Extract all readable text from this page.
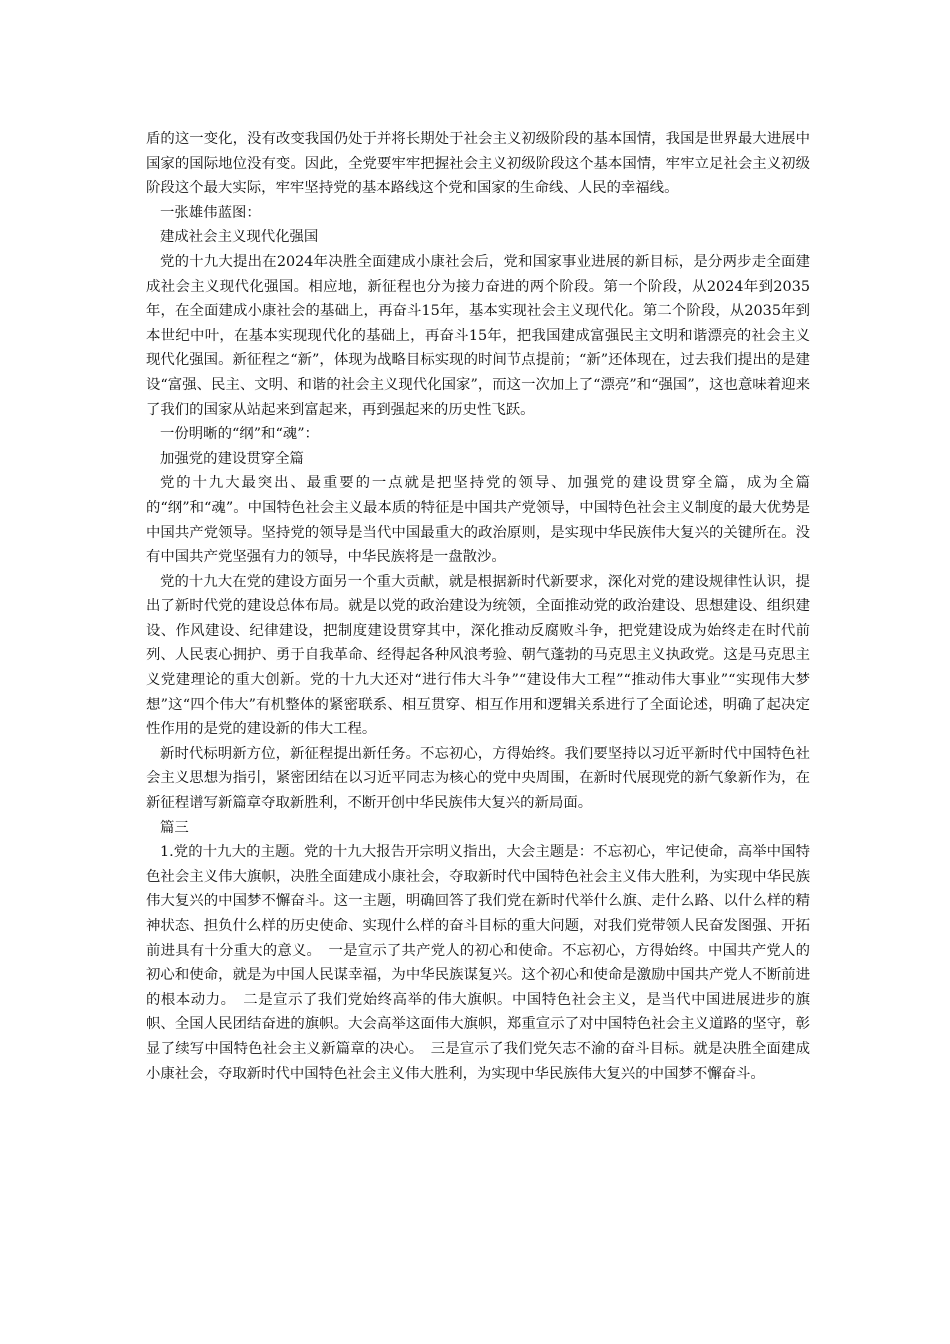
盾的这一变化，没有改变我国仍处于并将长期处于社会主义初级阶段的基本国情，我国是世界最大进展中国家的国际地位没有变。因此，全党要牢牢把握社会主义初级阶段这个基本国情，牢牢立足社会主义初级阶段这个最大实际，牢牢坚持党的基本路线这个党和国家的生命线、人民的幸福线。

一张雄伟蓝图：

建成社会主义现代化强国

党的十九大提出在2024年决胜全面建成小康社会后，党和国家事业进展的新目标，是分两步走全面建成社会主义现代化强国。相应地，新征程也分为接力奋进的两个阶段。第一个阶段，从2024年到2035年，在全面建成小康社会的基础上，再奋斗15年，基本实现社会主义现代化。第二个阶段，从2035年到本世纪中叶，在基本实现现代化的基础上，再奋斗15年，把我国建成富强民主文明和谐漂亮的社会主义现代化强国。新征程之“新”，体现为战略目标实现的时间节点提前；“新”还体现在，过去我们提出的是建设“富强、民主、文明、和谐的社会主义现代化国家”，而这一次加上了“漂亮”和“强国”，这也意味着迎来了我们的国家从站起来到富起来，再到强起来的历史性飞跃。

一份明晰的“纲”和“魂”：

加强党的建设贯穿全篇

党的十九大最突出、最重要的一点就是把坚持党的领导、加强党的建设贯穿全篇，成为全篇的“纲”和“魂”。中国特色社会主义最本质的特征是中国共产党领导，中国特色社会主义制度的最大优势是中国共产党领导。坚持党的领导是当代中国最重大的政治原则，是实现中华民族伟大复兴的关键所在。没有中国共产党坚强有力的领导，中华民族将是一盘散沙。

党的十九大在党的建设方面另一个重大贡献，就是根据新时代新要求，深化对党的建设规律性认识，提出了新时代党的建设总体布局。就是以党的政治建设为统领，全面推动党的政治建设、思想建设、组织建设、作风建设、纪律建设，把制度建设贯穿其中，深化推动反腐败斗争，把党建设成为始终走在时代前列、人民衷心拥护、勇于自我革命、经得起各种风浪考验、朝气蓬勃的马克思主义执政党。这是马克思主义党建理论的重大创新。党的十九大还对“进行伟大斗争”“建设伟大工程”“推动伟大事业”“实现伟大梦想”这“四个伟大”有机整体的紧密联系、相互贯穿、相互作用和逻辑关系进行了全面论述，明确了起决定性作用的是党的建设新的伟大工程。

新时代标明新方位，新征程提出新任务。不忘初心，方得始终。我们要坚持以习近平新时代中国特色社会主义思想为指引，紧密团结在以习近平同志为核心的党中央周围，在新时代展现党的新气象新作为，在新征程谱写新篇章夺取新胜利，不断开创中华民族伟大复兴的新局面。

篇三

1.党的十九大的主题。党的十九大报告开宗明义指出，大会主题是：不忘初心，牢记使命，高举中国特色社会主义伟大旗帜，决胜全面建成小康社会，夺取新时代中国特色社会主义伟大胜利，为实现中华民族伟大复兴的中国梦不懈奋斗。这一主题，明确回答了我们党在新时代举什么旗、走什么路、以什么样的精神状态、担负什么样的历史使命、实现什么样的奋斗目标的重大问题，对我们党带领人民奋发图强、开拓前进具有十分重大的意义。　一是宣示了共产党人的初心和使命。不忘初心，方得始终。中国共产党人的初心和使命，就是为中国人民谋幸福，为中华民族谋复兴。这个初心和使命是激励中国共产党人不断前进的根本动力。　二是宣示了我们党始终高举的伟大旗帜。中国特色社会主义，是当代中国进展进步的旗帜、全国人民团结奋进的旗帜。大会高举这面伟大旗帜，郑重宣示了对中国特色社会主义道路的坚守，彰显了续写中国特色社会主义新篇章的决心。　三是宣示了我们党矢志不渝的奋斗目标。就是决胜全面建成小康社会，夺取新时代中国特色社会主义伟大胜利，为实现中华民族伟大复兴的中国梦不懈奋斗。
